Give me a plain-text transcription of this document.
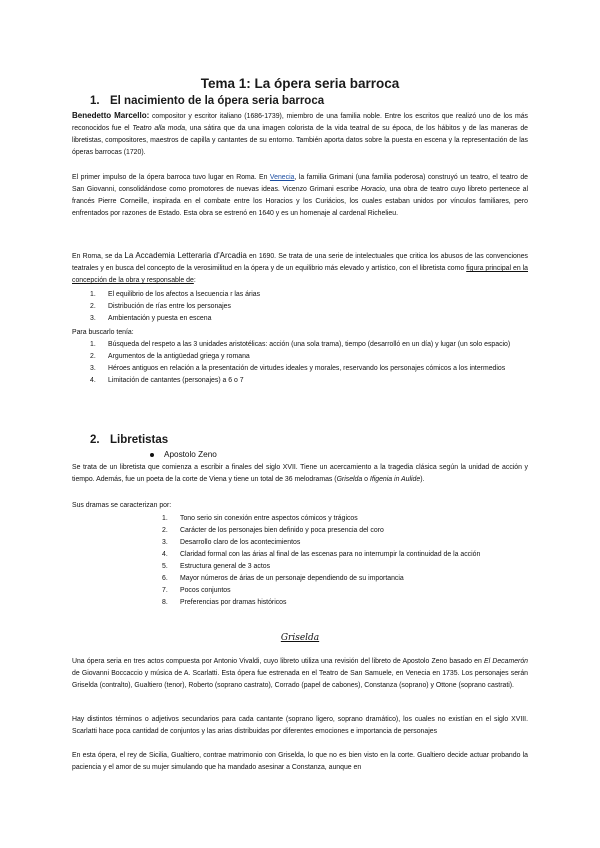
Tema 1: La ópera seria barroca
1. El nacimiento de la ópera seria barroca
Benedetto Marcello: compositor y escritor italiano (1686-1739), miembro de una familia noble. Entre los escritos que realizó uno de los más reconocidos fue el Teatro alla moda, una sátira que da una imagen colorista de la vida teatral de su época, de los hábitos y de las maneras de libretistas, compositores, maestros de capilla y cantantes de su entorno. También aporta datos sobre la puesta en escena y la representación de las óperas barrocas (1720).
El primer impulso de la ópera barroca tuvo lugar en Roma. En Venecia, la familia Grimani (una familia poderosa) construyó un teatro, el teatro de San Giovanni, consolidándose como promotores de nuevas ideas. Vicenzo Grimani escribe Horacio, una obra de teatro cuyo libreto pertenece al francés Pierre Corneille, inspirada en el combate entre los Horacios y los Curiácios, los cuales estaban unidos por vínculos familiares, pero enfrentados por razones de Estado. Esta obra se estrenó en 1640 y es un homenaje al cardenal Richelieu.
En Roma, se da La Accademia Letteraria d'Arcadia en 1690. Se trata de una serie de intelectuales que critica los abusos de las convenciones teatrales y en busca del concepto de la verosimilitud en la ópera y de un equilibrio más elevado y artístico, con el libretista como figura principal en la concepción de la obra y responsable de:
1. El equilibrio de los afectos a lsecuencia r las árias
2. Distribución de rías entre los personajes
3. Ambientación y puesta en escena
Para buscarlo tenía:
1. Búsqueda del respeto a las 3 unidades aristotélicas: acción (una sola trama), tiempo (desarrolló en un día) y lugar (un solo espacio)
2. Argumentos de la antigüedad griega y romana
3. Héroes antiguos en relación a la presentación de virtudes ideales y morales, reservando los personajes cómicos a los intermedios
4. Limitación de cantantes (personajes) a 6 o 7
2. Libretistas
Apostolo Zeno
Se trata de un libretista que comienza a escribir a finales del siglo XVII. Tiene un acercamiento a la tragedia clásica según la unidad de acción y tiempo. Además, fue un poeta de la corte de Viena y tiene un total de 36 melodramas (Griselda o Ifigenia in Aulide).
Sus dramas se caracterizan por:
1. Tono serio sin conexión entre aspectos cómicos y trágicos
2. Carácter de los personajes bien definido y poca presencia del coro
3. Desarrollo claro de los acontecimientos
4. Claridad formal con las árias al final de las escenas para no interrumpir la continuidad de la acción
5. Estructura general de 3 actos
6. Mayor números de árias de un personaje dependiendo de su importancia
7. Pocos conjuntos
8. Preferencias por dramas históricos
Griselda
Una ópera seria en tres actos compuesta por Antonio Vivaldi, cuyo libreto utiliza una revisión del libreto de Apostolo Zeno basado en El Decamerón de Giovanni Boccaccio y música de A. Scarlatti. Esta ópera fue estrenada en el Teatro de San Samuele, en Venecia en 1735. Los personajes serán Griselda (contralto), Gualtiero (tenor), Roberto (soprano castrato), Corrado (papel de cabones), Constanza (soprano) y Ottone (soprano castrati).
Hay distintos términos o adjetivos secundarios para cada cantante (soprano ligero, soprano dramático), los cuales no existían en el siglo XVIII. Scarlatti hace poca cantidad de conjuntos y las arias distribuidas por diferentes emociones e importancia de personajes
En esta ópera, el rey de Sicilia, Gualtiero, contrae matrimonio con Griselda, lo que no es bien visto en la corte. Gualtiero decide actuar probando la paciencia y el amor de su mujer simulando que ha mandado asesinar a Constanza, aunque en
